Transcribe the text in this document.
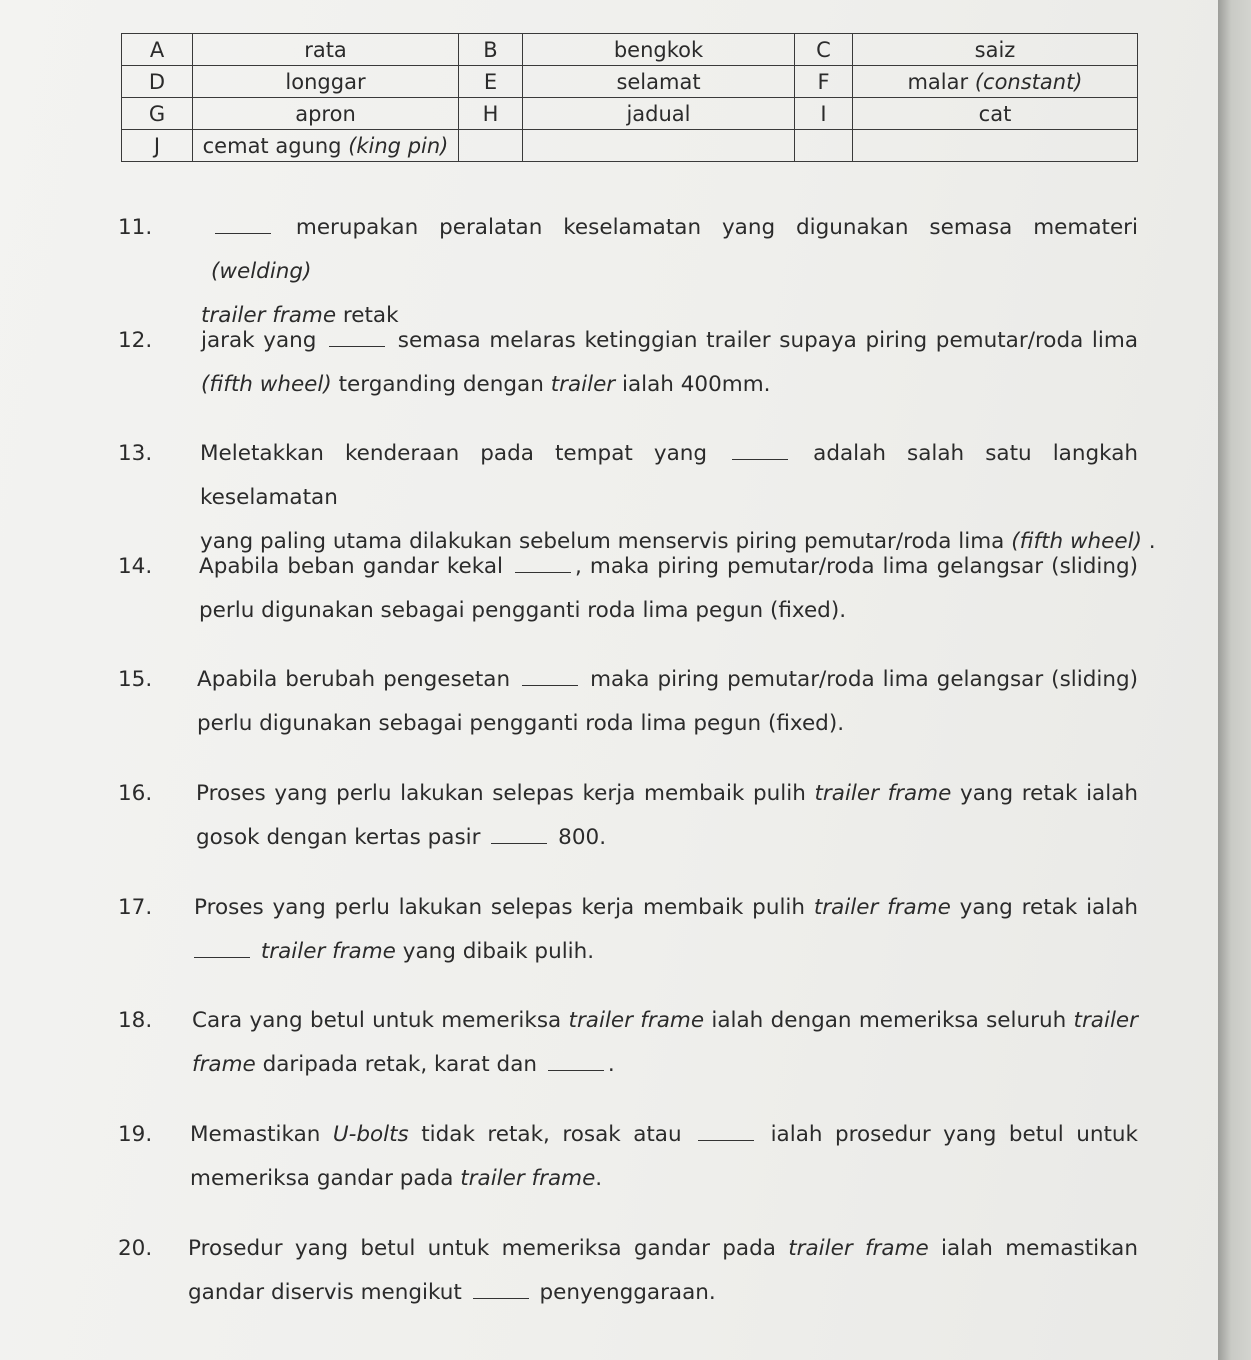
A	rata	B	bengkok	C	saiz
D	longgar	E	selamat	F	malar (constant)
G	apron	H	jadual	I	cat
J	cemat agung (king pin)				
11.	merupakan peralatan keselamatan yang digunakan semasa memateri (welding)
trailer frame retak
12.	jarak yang	semasa melaras ketinggian trailer supaya piring pemutar/roda lima
(fifth wheel) terganding dengan trailer ialah 400mm.
13.	Meletakkan kenderaan pada tempat yang	adalah salah satu langkah keselamatan
yang paling utama dilakukan sebelum menservis piring pemutar/roda lima (fifth wheel) .
14.	Apabila beban gandar kekal	, maka piring pemutar/roda lima gelangsar (sliding)
perlu digunakan sebagai pengganti roda lima pegun (fixed).
15.	Apabila berubah pengesetan	maka piring pemutar/roda lima gelangsar (sliding)
perlu digunakan sebagai pengganti roda lima pegun (fixed).
16.	Proses yang perlu lakukan selepas kerja membaik pulih trailer frame yang retak ialah
gosok dengan kertas pasir	800.
17.	Proses yang perlu lakukan selepas kerja membaik pulih trailer frame yang retak ialah
trailer frame yang dibaik pulih.
18.	Cara yang betul untuk memeriksa trailer frame ialah dengan memeriksa seluruh trailer
frame daripada retak, karat dan	.
19.	Memastikan U-bolts tidak retak, rosak atau	ialah prosedur yang betul untuk
memeriksa gandar pada trailer frame.
20.	Prosedur yang betul untuk memeriksa gandar pada trailer frame ialah memastikan
gandar diservis mengikut	penyenggaraan.
